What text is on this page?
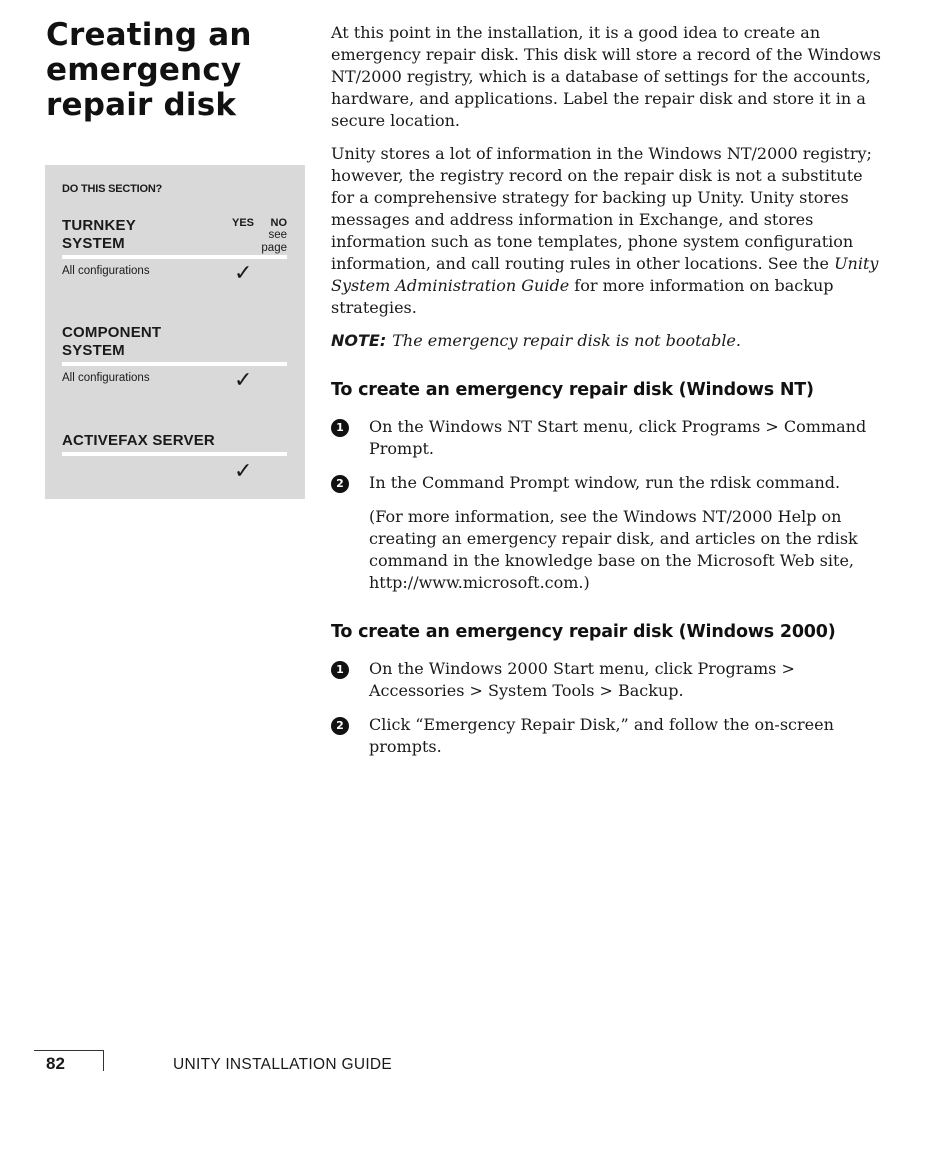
Creating an emergency repair disk
DO THIS SECTION?
YES NO
see page
TURNKEY SYSTEM
All configurations	✓
COMPONENT SYSTEM
All configurations	✓
ACTIVEFAX SERVER
✓

At this point in the installation, it is a good idea to create an emergency repair disk. This disk will store a record of the Windows NT/2000 registry, which is a database of settings for the accounts, hardware, and applications. Label the repair disk and store it in a secure location.

Unity stores a lot of information in the Windows NT/2000 registry; however, the registry record on the repair disk is not a substitute for a comprehensive strategy for backing up Unity. Unity stores messages and address information in Exchange, and stores information such as tone templates, phone system configuration information, and call routing rules in other locations. See the Unity System Administration Guide for more information on backup strategies.

NOTE: The emergency repair disk is not bootable.

To create an emergency repair disk (Windows NT)
1	On the Windows NT Start menu, click Programs > Command Prompt.
2	In the Command Prompt window, run the rdisk command.

(For more information, see the Windows NT/2000 Help on creating an emergency repair disk, and articles on the rdisk command in the knowledge base on the Microsoft Web site, http://www.microsoft.com.)

To create an emergency repair disk (Windows 2000)
1	On the Windows 2000 Start menu, click Programs > Accessories > System Tools > Backup.
2	Click “Emergency Repair Disk,” and follow the on-screen prompts.
82	UNITY INSTALLATION GUIDE
